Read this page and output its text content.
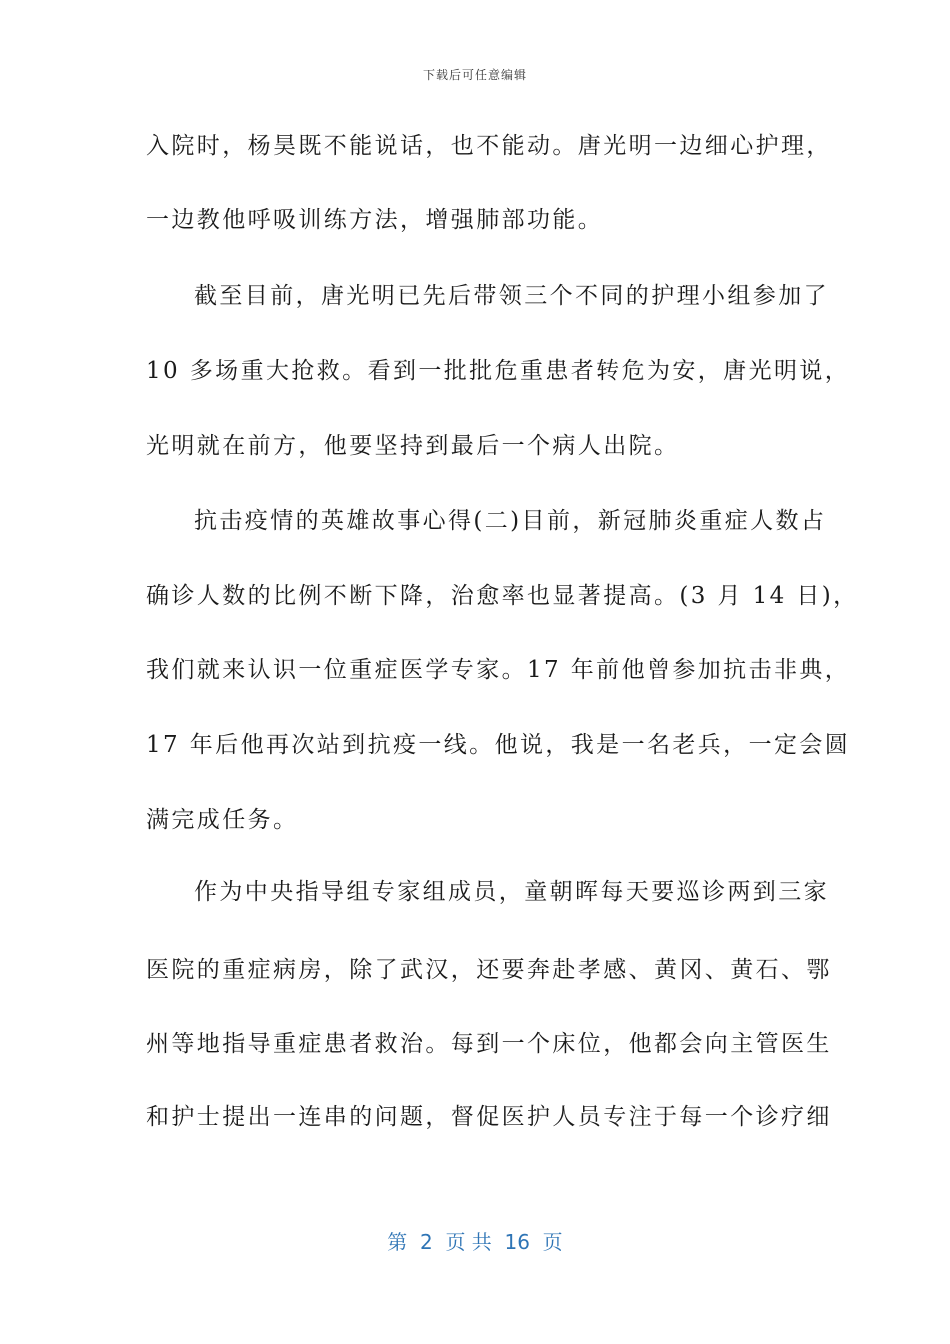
下载后可任意编辑
入院时，杨昊既不能说话，也不能动。唐光明一边细心护理，
一边教他呼吸训练方法，增强肺部功能。
截至目前，唐光明已先后带领三个不同的护理小组参加了
10 多场重大抢救。看到一批批危重患者转危为安，唐光明说，
光明就在前方，他要坚持到最后一个病人出院。
抗击疫情的英雄故事心得(二)目前，新冠肺炎重症人数占
确诊人数的比例不断下降，治愈率也显著提高。(3 月 14 日)，
我们就来认识一位重症医学专家。17 年前他曾参加抗击非典，
17 年后他再次站到抗疫一线。他说，我是一名老兵，一定会圆
满完成任务。
作为中央指导组专家组成员，童朝晖每天要巡诊两到三家
医院的重症病房，除了武汉，还要奔赴孝感、黄冈、黄石、鄂
州等地指导重症患者救治。每到一个床位，他都会向主管医生
和护士提出一连串的问题，督促医护人员专注于每一个诊疗细
第  2  页 共  16  页
